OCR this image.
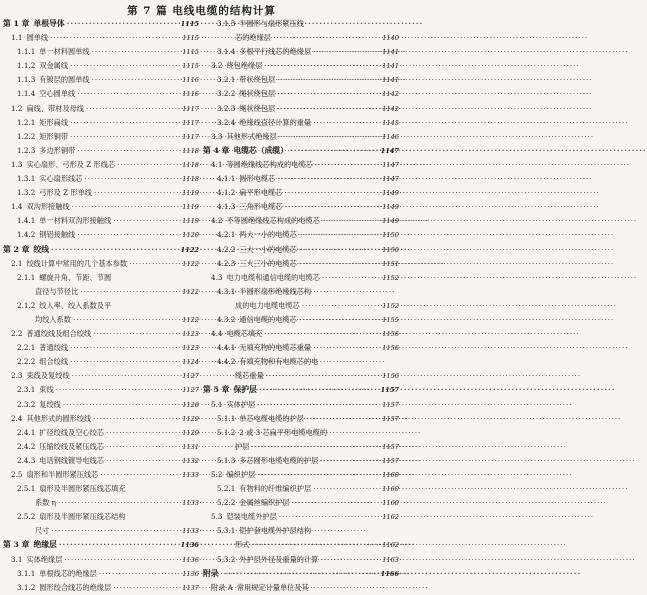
第 7 篇 电线电缆的结构计算
第 1 章 单根导体 ·····	1115
1.1 圆单线 ·····	1115
1.1.1 单一材料圆单线 ·····	1115
1.1.2 双金属线 ·····	1115
1.1.3 有镀层的圆单线 ·····	1116
1.1.4 空心圆单线 ·····	1116
1.2 扁线、带材及母线 ·····	1117
1.2.1 矩形扁线 ·····	1117
1.2.2 矩形铜带 ·····	1117
1.2.3 多边形铜带 ·····	1118
1.3 实心扇形、弓形及 Z 形线芯 ·····	1118
1.3.1 实心扇形线芯 ·····	1118
1.3.2 弓形及 Z 形单线 ·····	1119
1.4 双沟形接触线 ·····	1119
1.4.1 单一材料双沟形接触线 ·····	1119
1.4.2 钢铝接触线 ·····	1120
第 2 章 绞线 ·····	1122
2.1 绞线计算中常用的几个基本参数 ·····	1122
2.1.1 螺旋升角、节距、节圆
直径与节径比 ·····	1122
2.1.2 绞入率、绞入系数及平
均绞入系数 ·····	1122
2.2 普通绞线及组合绞线 ·····	1123
2.2.1 普通绞线 ·····	1123
2.2.2 组合绞线 ·····	1124
2.3 束线及复绞线 ·····	1127
2.3.1 束线 ·····	1127
2.3.2 复绞线 ·····	1128
2.4 其他形式的圆形绞线 ·····	1129
2.4.1 扩径绞线及空心绞芯 ·····	1129
2.4.2 压缩绞线及紧压线芯 ·····	1131
2.4.3 电话钢线镀导电线芯 ·····	1132
2.5 扇形和半圆形紧压线芯 ·····	1133
2.5.1 扇形及半圆形紧压线芯填充
系数 η ·····	1133
2.5.2 扇形及半圆形紧压线芯结构
尺寸 ·····	1133
第 3 章 绝缘层 ·····	1136
3.1 实体绝缘层 ·····	1136
3.1.1 单根线芯的绝缘层 ·····	1136
3.1.2 圆形绞合线芯的绝缘层 ·····	1137
3.1.3 半圆形与扇形紧压线
芯的绝缘层 ·····	1140
3.1.4 多根平行线芯的绝缘层 ·····	1141
3.2 绕包绝缘层 ·····	1141
3.2.1 带状绕包层 ·····	1141
3.2.2 绳状绕包层 ·····	1142
3.2.3 绳状绕包层 ·····	1142
3.2.4 绝缘线直径计算的重量 ·····	1145
3.3 其他形式绝缘层 ·····	1146
第 4 章 电缆芯（成缆） ·····	1147
4.1 等圆绝缘线芯构成的电缆芯 ·····	1147
4.1.1 圆形电缆芯 ·····	1147
4.1.2 扁平形电缆芯 ·····	1149
4.1.3 三角形电缆芯 ·····	1149
4.2 不等圆绝缘线芯构成的电缆芯 ·····	1149
4.2.1 两大一小的电缆芯 ·····	1150
4.2.2 三大一小的电缆芯 ·····	1150
4.2.3 三大三小的电缆芯 ·····	1151
4.3 电力电缆和通信电缆的电缆芯 ·····	1152
4.3.1 半圆形扇形绝缘线芯构
成的电力电缆电缆芯 ·····	1152
4.3.2 通信电缆的电缆芯 ·····	1155
4.4 电缆芯填充 ·····	1156
4.4.1 无填充物的电缆芯重量 ·····	1156
4.4.2 有填充物和有电缆芯的电
缆芯重量 ·····	1156
第 5 章 保护层 ·····	1157
5.1 实体护层 ·····	1157
5.1.1 单芯电缆电缆的护层 ·····	1157
5.1.2 2 或 3 芯扁平形电缆电缆的
护层 ·····	1157
5.1.3 多芯圆形电缆电缆的护层 ·····	1157
5.2 编织护层 ·····	1160
5.2.1 有物料的纤维编织护层 ·····	1160
5.2.2 金属丝编织护层 ·····	1160
5.3 铠装电缆外护层 ·····	1162
5.3.1 铠护套电缆外护层结构
形式 ·····	1162
5.3.2 外护层外径及重量的计算 ·····	1163
附录 ·····	1166
附录 A 常用规定计量单位及其
